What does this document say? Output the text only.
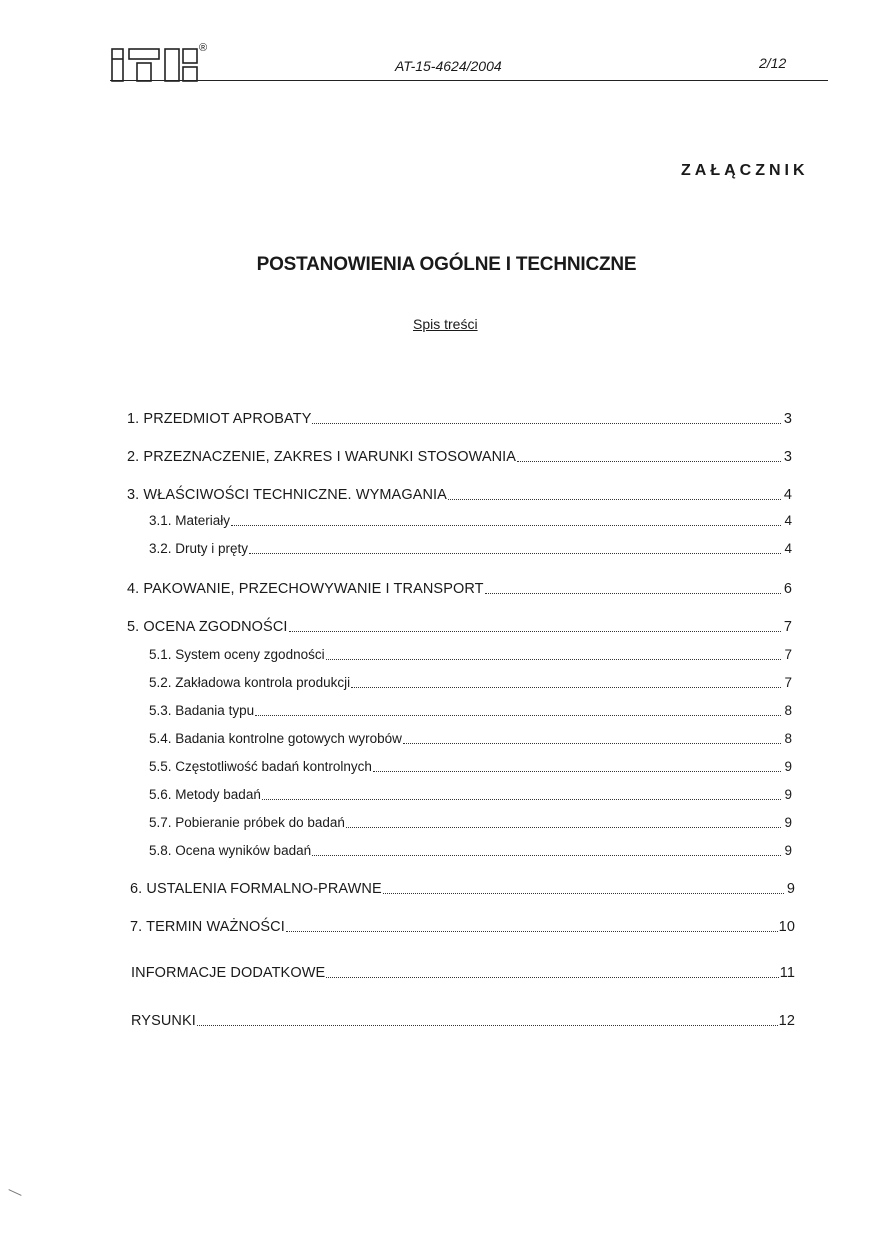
®
AT-15-4624/2004	2/12
ZAŁĄCZNIK
POSTANOWIENIA OGÓLNE I TECHNICZNE
Spis treści
1. PRZEDMIOT APROBATY	3
2. PRZEZNACZENIE, ZAKRES I WARUNKI STOSOWANIA	3
3. WŁAŚCIWOŚCI TECHNICZNE. WYMAGANIA	4
3.1. Materiały	4
3.2. Druty i pręty	4
4. PAKOWANIE, PRZECHOWYWANIE I TRANSPORT	6
5. OCENA ZGODNOŚCI	7
5.1. System oceny zgodności	7
5.2. Zakładowa kontrola produkcji	7
5.3. Badania typu	8
5.4. Badania kontrolne gotowych wyrobów	8
5.5. Częstotliwość badań kontrolnych	9
5.6. Metody badań	9
5.7. Pobieranie próbek do badań	9
5.8. Ocena wyników badań	9
6. USTALENIA FORMALNO-PRAWNE	9
7. TERMIN WAŻNOŚCI	10
INFORMACJE DODATKOWE	11
RYSUNKI	12
